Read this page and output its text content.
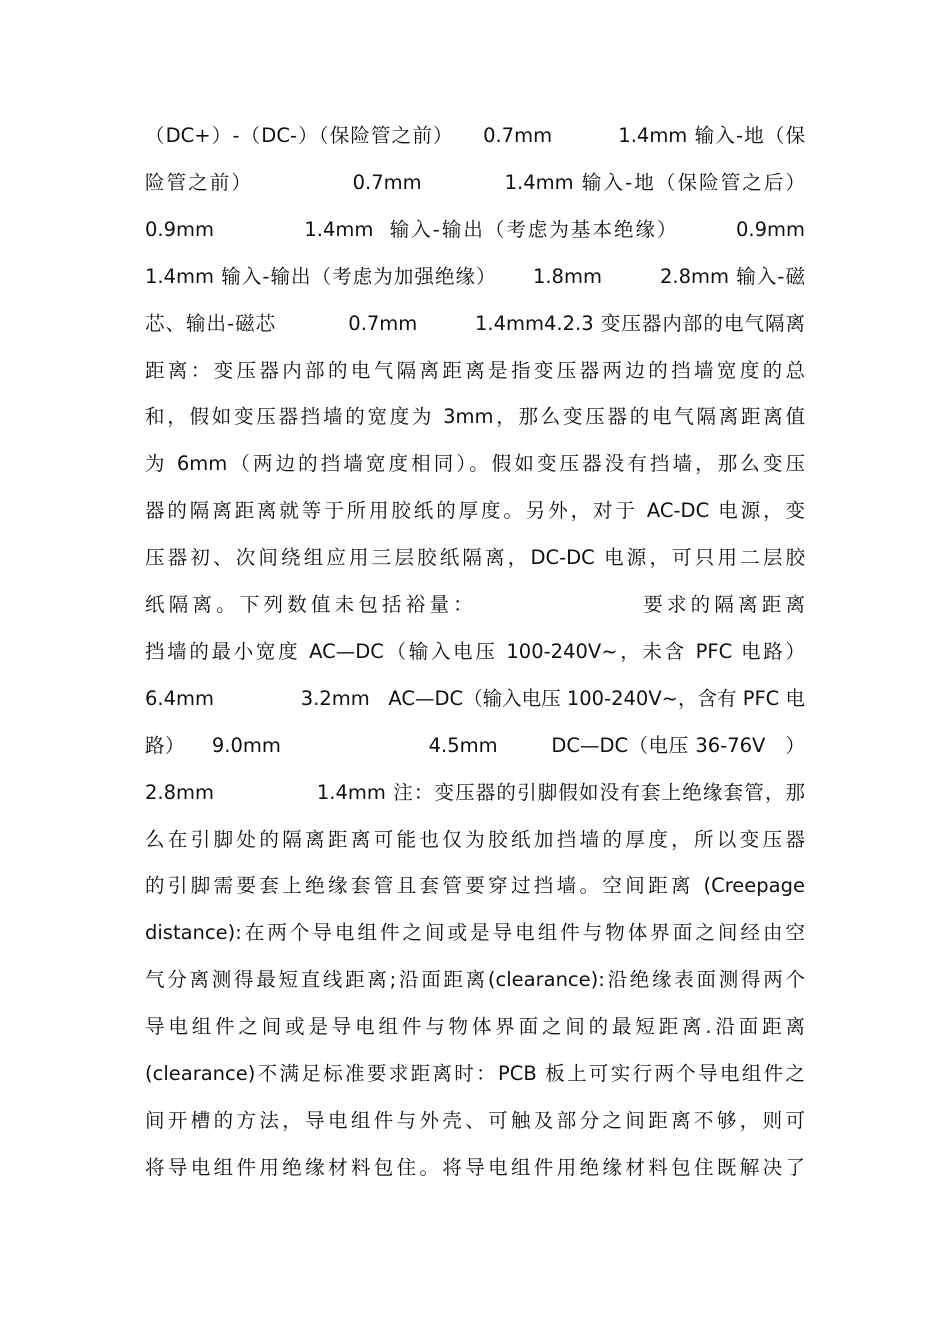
（DC+）-（DC-）（保险管之前）    0.7mm         1.4mm 输入-地（保
险管之前）            0.7mm          1.4mm 输入-地（保险管之后）
0.9mm           1.4mm  输入-输出（考虑为基本绝缘）       0.9mm
1.4mm 输入-输出（考虑为加强绝缘）     1.8mm        2.8mm 输入-磁
芯、输出-磁芯          0.7mm        1.4mm4.2.3 变压器内部的电气隔离
距离：变压器内部的电气隔离距离是指变压器两边的挡墙宽度的总
和，假如变压器挡墙的宽度为 3mm，那么变压器的电气隔离距离值
为 6mm（两边的挡墙宽度相同）。假如变压器没有挡墙，那么变压
器的隔离距离就等于所用胶纸的厚度。另外，对于 AC-DC 电源，变
压器初、次间绕组应用三层胶纸隔离，DC-DC 电源，可只用二层胶
纸隔离。下列数值未包括裕量：                要求的隔离距离
挡墙的最小宽度 AC—DC（输入电压 100-240V~，未含 PFC 电路）
6.4mm              3.2mm   AC—DC（输入电压 100-240V~，含有 PFC 电
路）    9.0mm                      4.5mm        DC—DC（电压 36-76V   ）
2.8mm              1.4mm 注：变压器的引脚假如没有套上绝缘套管，那
么在引脚处的隔离距离可能也仅为胶纸加挡墙的厚度，所以变压器
的引脚需要套上绝缘套管且套管要穿过挡墙。空间距离 (Creepage
distance):在两个导电组件之间或是导电组件与物体界面之间经由空
气分离测得最短直线距离;沿面距离(clearance):沿绝缘表面测得两个
导电组件之间或是导电组件与物体界面之间的最短距离.沿面距离
(clearance)不满足标准要求距离时：PCB 板上可实行两个导电组件之
间开槽的方法，导电组件与外壳、可触及部分之间距离不够，则可
将导电组件用绝缘材料包住。将导电组件用绝缘材料包住既解决了
